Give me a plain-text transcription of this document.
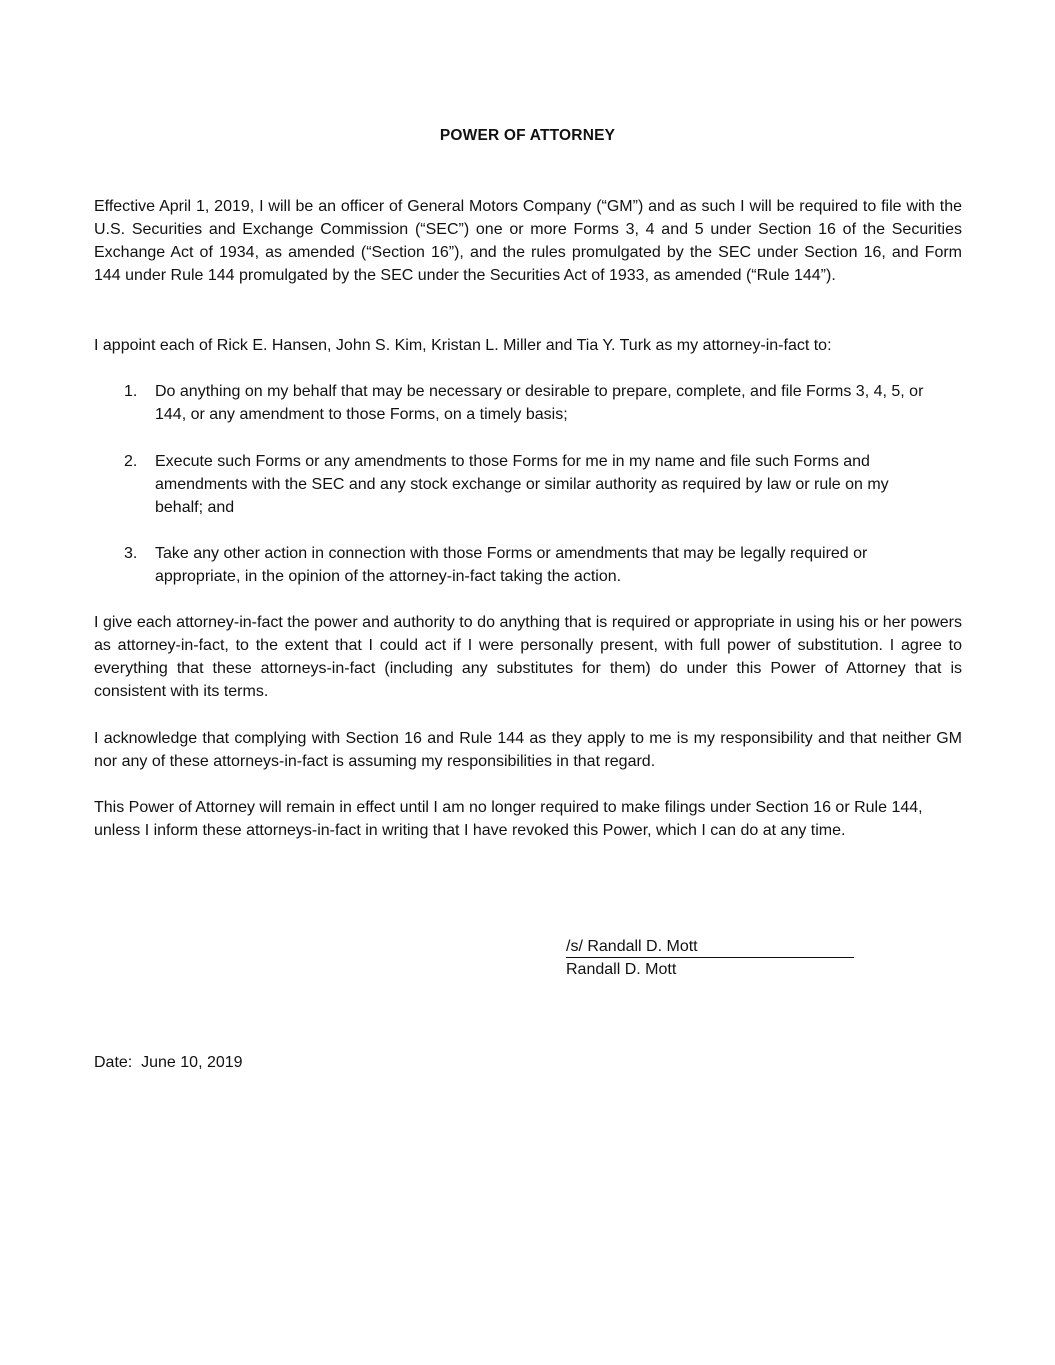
POWER OF ATTORNEY
Effective April 1, 2019, I will be an officer of General Motors Company (“GM”) and as such I will be required to file with the U.S. Securities and Exchange Commission (“SEC”) one or more Forms 3, 4 and 5 under Section 16 of the Securities Exchange Act of 1934, as amended (“Section 16”), and the rules promulgated by the SEC under Section 16, and Form 144 under Rule 144 promulgated by the SEC under the Securities Act of 1933, as amended (“Rule 144”).
I appoint each of Rick E. Hansen, John S. Kim, Kristan L. Miller and Tia Y. Turk as my attorney-in-fact to:
1.	Do anything on my behalf that may be necessary or desirable to prepare, complete, and file Forms 3, 4, 5, or 144, or any amendment to those Forms, on a timely basis;
2.	Execute such Forms or any amendments to those Forms for me in my name and file such Forms and amendments with the SEC and any stock exchange or similar authority as required by law or rule on my behalf; and
3.	Take any other action in connection with those Forms or amendments that may be legally required or appropriate, in the opinion of the attorney-in-fact taking the action.
I give each attorney-in-fact the power and authority to do anything that is required or appropriate in using his or her powers as attorney-in-fact, to the extent that I could act if I were personally present, with full power of substitution. I agree to everything that these attorneys-in-fact (including any substitutes for them) do under this Power of Attorney that is consistent with its terms.
I acknowledge that complying with Section 16 and Rule 144 as they apply to me is my responsibility and that neither GM nor any of these attorneys-in-fact is assuming my responsibilities in that regard.
This Power of Attorney will remain in effect until I am no longer required to make filings under Section 16 or Rule 144, unless I inform these attorneys-in-fact in writing that I have revoked this Power, which I can do at any time.
/s/ Randall D. Mott
Randall D. Mott
Date:  June 10, 2019
